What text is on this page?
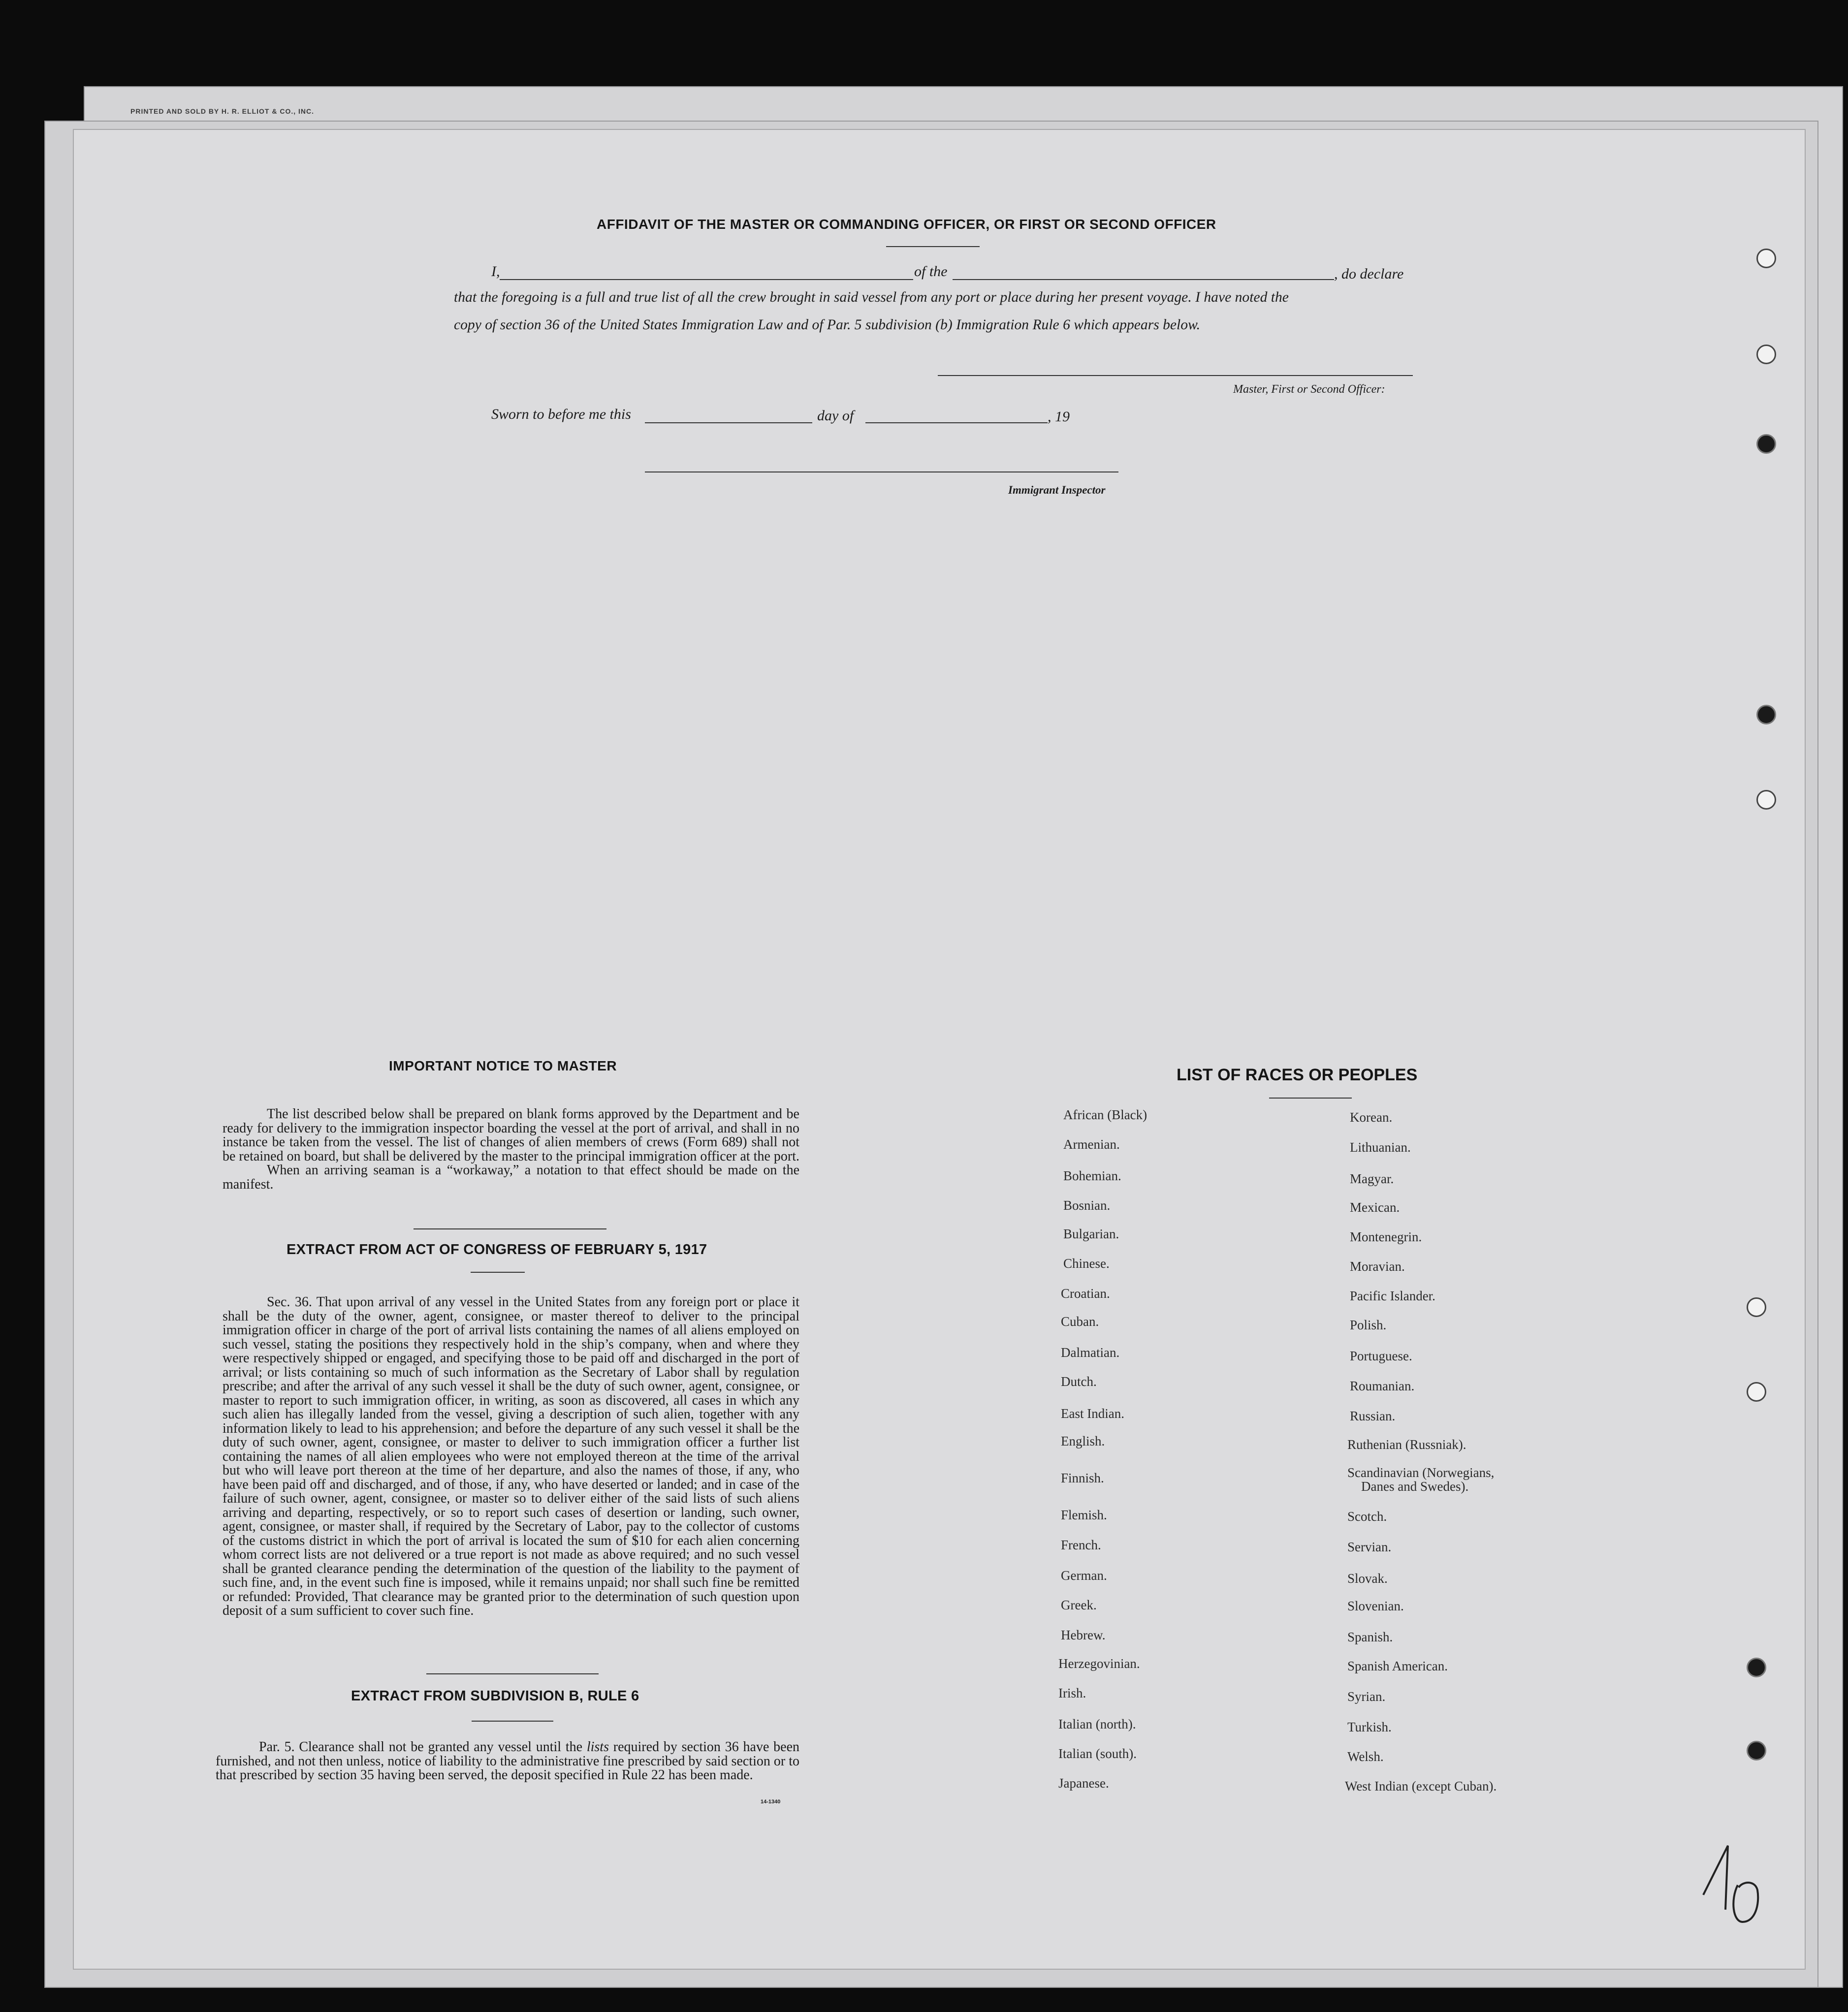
PRINTED AND SOLD BY H. R. ELLIOT & CO., INC.
AFFIDAVIT OF THE MASTER OR COMMANDING OFFICER, OR FIRST OR SECOND OFFICER
I,	of the	, do declare
that the foregoing is a full and true list of all the crew brought in said vessel from any port or place during her present voyage. I have noted the
copy of section 36 of the United States Immigration Law and of Par. 5 subdivision (b) Immigration Rule 6 which appears below.
Master, First or Second Officer:
Sworn to before me this	day of	, 19
Immigrant Inspector
IMPORTANT NOTICE TO MASTER
The list described below shall be prepared on blank forms approved by the Department and be ready for delivery to the immigration inspector boarding the vessel at the port of arrival, and shall in no instance be taken from the vessel. The list of changes of alien members of crews (Form 689) shall not be retained on board, but shall be delivered by the master to the principal immigration officer at the port.
When an arriving seaman is a “workaway,” a notation to that effect should be made on the manifest.
EXTRACT FROM ACT OF CONGRESS OF FEBRUARY 5, 1917
Sec. 36. That upon arrival of any vessel in the United States from any foreign port or place it shall be the duty of the owner, agent, consignee, or master thereof to deliver to the principal immigration officer in charge of the port of arrival lists containing the names of all aliens employed on such vessel, stating the positions they respectively hold in the ship’s company, when and where they were respectively shipped or engaged, and specifying those to be paid off and discharged in the port of arrival; or lists containing so much of such information as the Secretary of Labor shall by regulation prescribe; and after the arrival of any such vessel it shall be the duty of such owner, agent, consignee, or master to report to such immigration officer, in writing, as soon as discovered, all cases in which any such alien has illegally landed from the vessel, giving a description of such alien, together with any information likely to lead to his apprehension; and before the departure of any such vessel it shall be the duty of such owner, agent, consignee, or master to deliver to such immigration officer a further list containing the names of all alien employees who were not employed thereon at the time of the arrival but who will leave port thereon at the time of her departure, and also the names of those, if any, who have been paid off and discharged, and of those, if any, who have deserted or landed; and in case of the failure of such owner, agent, consignee, or master so to deliver either of the said lists of such aliens arriving and departing, respectively, or so to report such cases of desertion or landing, such owner, agent, consignee, or master shall, if required by the Secretary of Labor, pay to the collector of customs of the customs district in which the port of arrival is located the sum of $10 for each alien concerning whom correct lists are not delivered or a true report is not made as above required; and no such vessel shall be granted clearance pending the determination of the question of the liability to the payment of such fine, and, in the event such fine is imposed, while it remains unpaid; nor shall such fine be remitted or refunded: Provided, That clearance may be granted prior to the determination of such question upon deposit of a sum sufficient to cover such fine.
EXTRACT FROM SUBDIVISION B, RULE 6
Par. 5. Clearance shall not be granted any vessel until the lists required by section 36 have been furnished, and not then unless, notice of liability to the administrative fine prescribed by said section or to that prescribed by section 35 having been served, the deposit specified in Rule 22 has been made.
14-1340
LIST OF RACES OR PEOPLES
African (Black)
Armenian.
Bohemian.
Bosnian.
Bulgarian.
Chinese.
Croatian.
Cuban.
Dalmatian.
Dutch.
East Indian.
English.
Finnish.
Flemish.
French.
German.
Greek.
Hebrew.
Herzegovinian.
Irish.
Italian (north).
Italian (south).
Japanese.
Korean.
Lithuanian.
Magyar.
Mexican.
Montenegrin.
Moravian.
Pacific Islander.
Polish.
Portuguese.
Roumanian.
Russian.
Ruthenian (Russniak).
Scandinavian (Norwegians,
Danes and Swedes).
Scotch.
Servian.
Slovak.
Slovenian.
Spanish.
Spanish American.
Syrian.
Turkish.
Welsh.
West Indian (except Cuban).
